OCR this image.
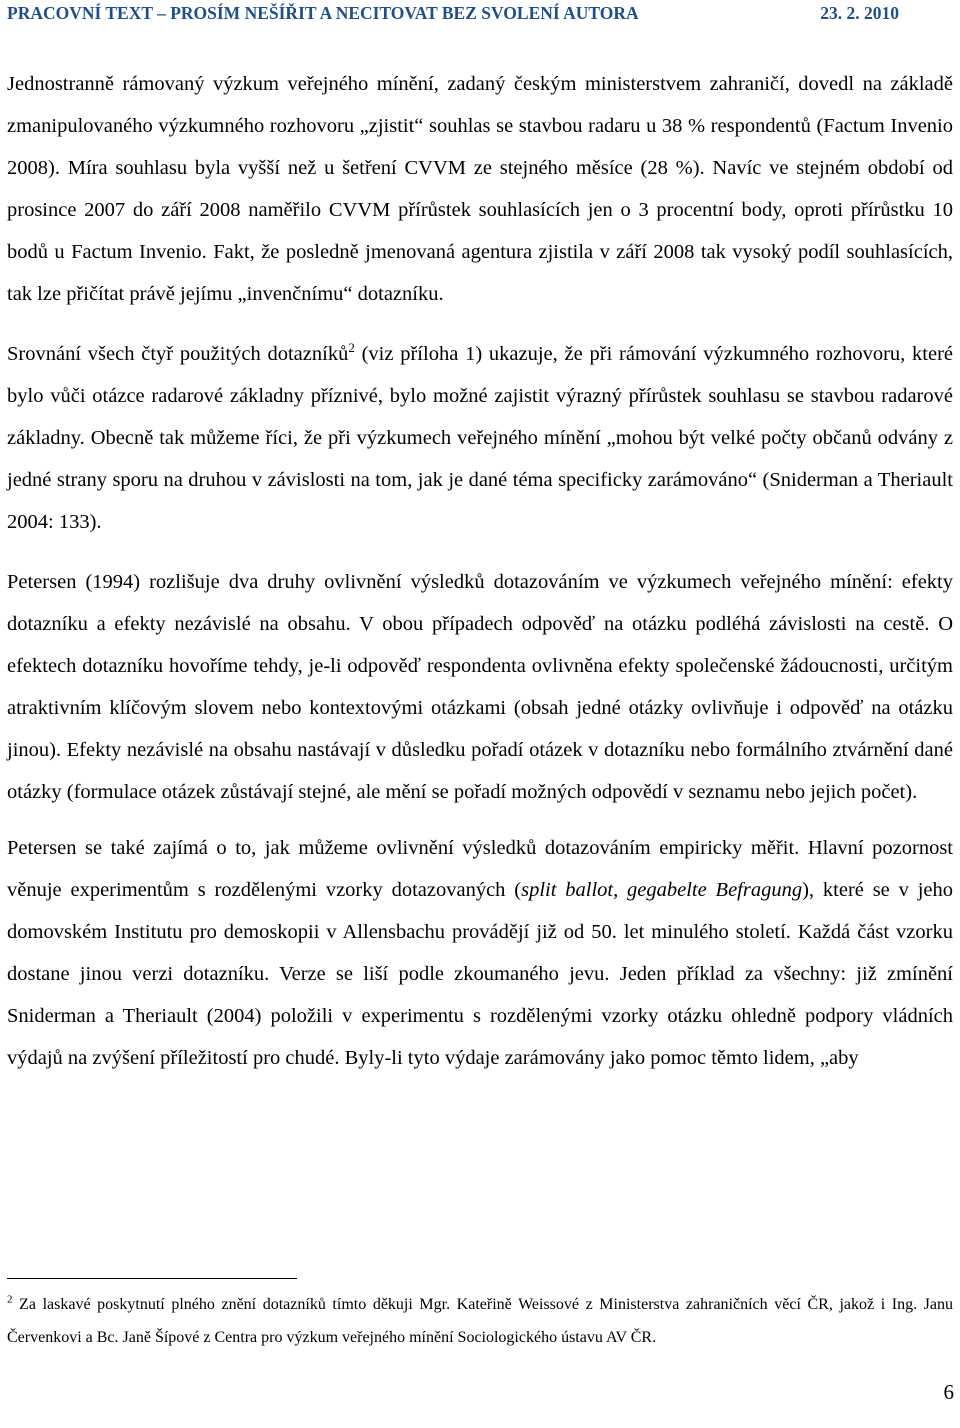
PRACOVNÍ TEXT – PROSÍM NEŠÍŘIT A NECITOVAT BEZ SVOLENÍ AUTORA	23. 2. 2010

Jednostranně rámovaný výzkum veřejného mínění, zadaný českým ministerstvem zahraničí, dovedl na základě zmanipulovaného výzkumného rozhovoru „zjistit“ souhlas se stavbou radaru u 38 % respondentů (Factum Invenio 2008). Míra souhlasu byla vyšší než u šetření CVVM ze stejného měsíce (28 %). Navíc ve stejném období od prosince 2007 do září 2008 naměřilo CVVM přírůstek souhlasících jen o 3 procentní body, oproti přírůstku 10 bodů u Factum Invenio. Fakt, že posledně jmenovaná agentura zjistila v září 2008 tak vysoký podíl souhlasících, tak lze přičítat právě jejímu „invenčnímu“ dotazníku.

Srovnání všech čtyř použitých dotazníků$^2$ (viz příloha 1) ukazuje, že při rámování výzkumného rozhovoru, které bylo vůči otázce radarové základny příznivé, bylo možné zajistit výrazný přírůstek souhlasu se stavbou radarové základny. Obecně tak můžeme říci, že při výzkumech veřejného mínění „mohou být velké počty občanů odvány z jedné strany sporu na druhou v závislosti na tom, jak je dané téma specificky zarámováno“ (Sniderman a Theriault 2004: 133).

Petersen (1994) rozlišuje dva druhy ovlivnění výsledků dotazováním ve výzkumech veřejného mínění: efekty dotazníku a efekty nezávislé na obsahu. V obou případech odpověď na otázku podléhá závislosti na cestě. O efektech dotazníku hovoříme tehdy, je-li odpověď respondenta ovlivněna efekty společenské žádoucnosti, určitým atraktivním klíčovým slovem nebo kontextovými otázkami (obsah jedné otázky ovlivňuje i odpověď na otázku jinou). Efekty nezávislé na obsahu nastávají v důsledku pořadí otázek v dotazníku nebo formálního ztvárnění dané otázky (formulace otázek zůstávají stejné, ale mění se pořadí možných odpovědí v seznamu nebo jejich počet).

Petersen se také zajímá o to, jak můžeme ovlivnění výsledků dotazováním empiricky měřit. Hlavní pozornost věnuje experimentům s rozdělenými vzorky dotazovaných (split ballot, gegabelte Befragung), které se v jeho domovském Institutu pro demoskopii v Allensbachu provádějí již od 50. let minulého století. Každá část vzorku dostane jinou verzi dotazníku. Verze se liší podle zkoumaného jevu. Jeden příklad za všechny: již zmínění Sniderman a Theriault (2004) položili v experimentu s rozdělenými vzorky otázku ohledně podpory vládních výdajů na zvýšení příležitostí pro chudé. Byly-li tyto výdaje zarámovány jako pomoc těmto lidem, „aby

$^2$ Za laskavé poskytnutí plného znění dotazníků tímto děkuji Mgr. Kateřině Weissové z Ministerstva zahraničních věcí ČR, jakož i Ing. Janu Červenkovi a Bc. Janě Šípové z Centra pro výzkum veřejného mínění Sociologického ústavu AV ČR.
6
